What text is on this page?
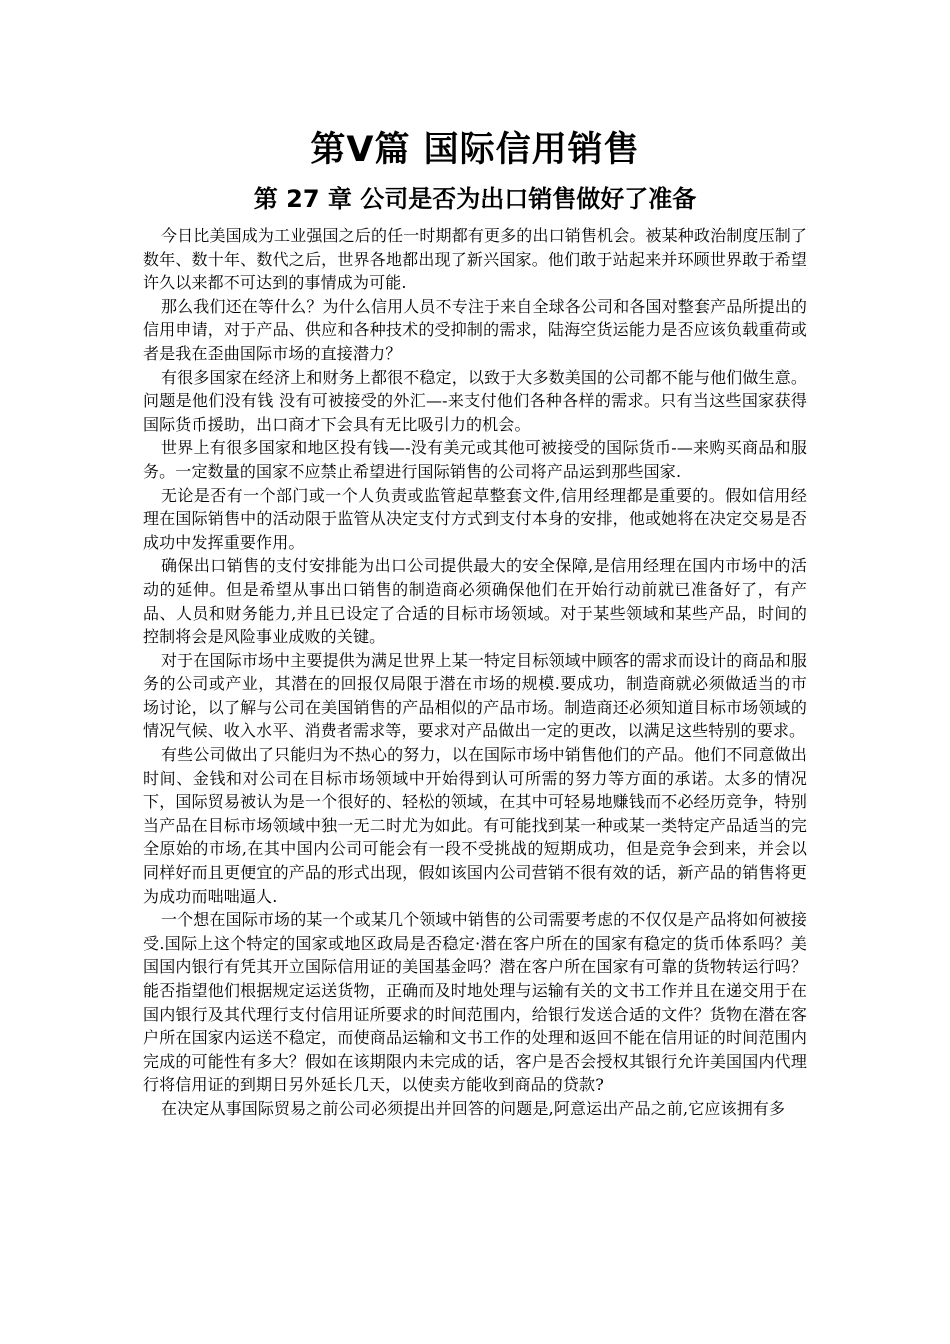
第Ⅴ篇 国际信用销售
第 27 章 公司是否为出口销售做好了准备

今日比美国成为工业强国之后的任一时期都有更多的出口销售机会。被某种政治制度压制了数年、数十年、数代之后，世界各地都出现了新兴国家。他们敢于站起来并环顾世界敢于希望许久以来都不可达到的事情成为可能.

那么我们还在等什么？为什么信用人员不专注于来自全球各公司和各国对整套产品所提出的信用申请，对于产品、供应和各种技术的受抑制的需求，陆海空货运能力是否应该负载重荷或者是我在歪曲国际市场的直接潜力？

有很多国家在经济上和财务上都很不稳定，以致于大多数美国的公司都不能与他们做生意。问题是他们没有钱 没有可被接受的外汇—-来支付他们各种各样的需求。只有当这些国家获得国际货币援助，出口商才下会具有无比吸引力的机会。

世界上有很多国家和地区投有钱—-没有美元或其他可被接受的国际货币-—来购买商品和服务。一定数量的国家不应禁止希望进行国际销售的公司将产品运到那些国家.

无论是否有一个部门或一个人负责或监管起草整套文件,信用经理都是重要的。假如信用经理在国际销售中的活动限于监管从决定支付方式到支付本身的安排，他或她将在决定交易是否成功中发挥重要作用。

确保出口销售的支付安排能为出口公司提供最大的安全保障,是信用经理在国内市场中的活动的延伸。但是希望从事出口销售的制造商必须确保他们在开始行动前就已准备好了，有产品、人员和财务能力,并且已设定了合适的目标市场领域。对于某些领域和某些产品，时间的控制将会是风险事业成败的关键。

对于在国际市场中主要提供为满足世界上某一特定目标领域中顾客的需求而设计的商品和服务的公司或产业，其潜在的回报仅局限于潜在市场的规模.要成功，制造商就必须做适当的市场讨论，以了解与公司在美国销售的产品相似的产品市场。制造商还必须知道目标市场领域的情况气候、收入水平、消费者需求等，要求对产品做出一定的更改，以满足这些特别的要求。

有些公司做出了只能归为不热心的努力，以在国际市场中销售他们的产品。他们不同意做出时间、金钱和对公司在目标市场领域中开始得到认可所需的努力等方面的承诺。太多的情况下，国际贸易被认为是一个很好的、轻松的领域，在其中可轻易地赚钱而不必经历竞争，特别当产品在目标市场领域中独一无二时尤为如此。有可能找到某一种或某一类特定产品适当的完全原始的市场,在其中国内公司可能会有一段不受挑战的短期成功，但是竞争会到来，并会以同样好而且更便宜的产品的形式出现，假如该国内公司营销不很有效的话，新产品的销售将更为成功而咄咄逼人.

一个想在国际市场的某一个或某几个领域中销售的公司需要考虑的不仅仅是产品将如何被接受.国际上这个特定的国家或地区政局是否稳定·潜在客户所在的国家有稳定的货币体系吗？美国国内银行有凭其开立国际信用证的美国基金吗？潜在客户所在国家有可靠的货物转运行吗？能否指望他们根据规定运送货物，正确而及时地处理与运输有关的文书工作并且在递交用于在国内银行及其代理行支付信用证所要求的时间范围内，给银行发送合适的文件？货物在潜在客户所在国家内运送不稳定，而使商品运输和文书工作的处理和返回不能在信用证的时间范围内完成的可能性有多大？假如在该期限内未完成的话，客户是否会授权其银行允许美国国内代理行将信用证的到期日另外延长几天，以使卖方能收到商品的贷款?

在决定从事国际贸易之前公司必须提出并回答的问题是,阿意运出产品之前,它应该拥有多
